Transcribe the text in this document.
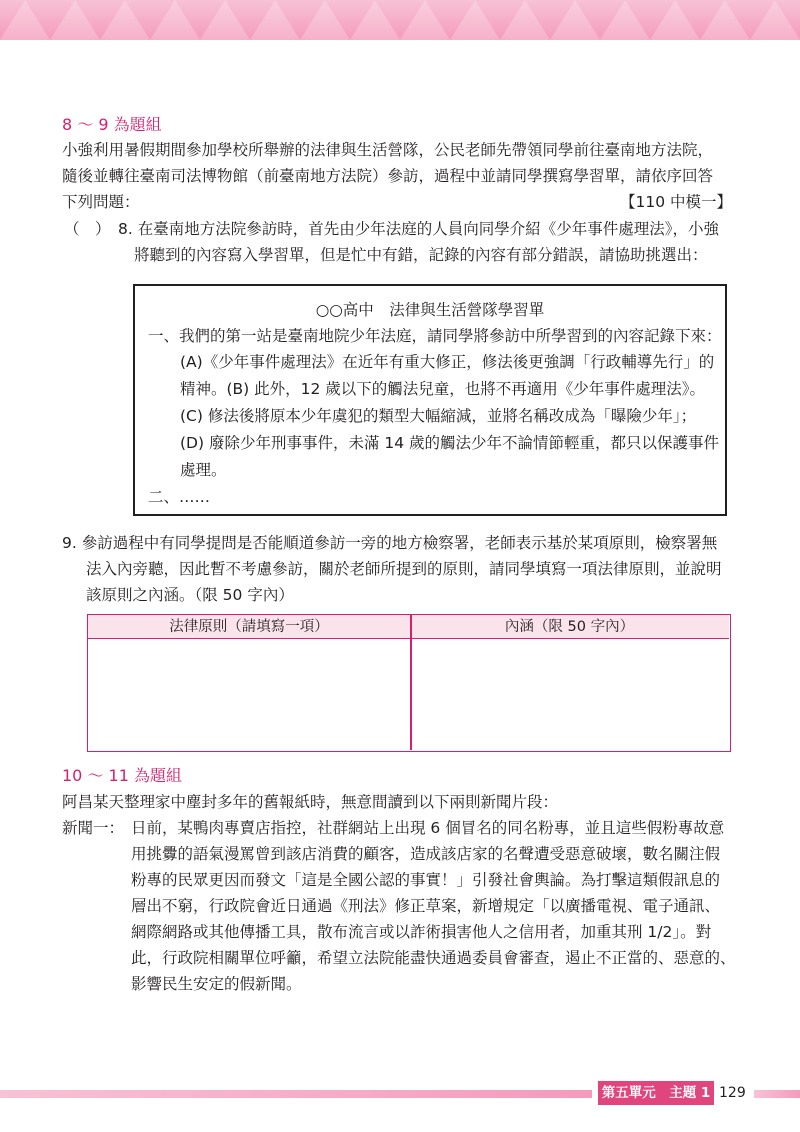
8 ～ 9 為題組
小強利用暑假期間參加學校所舉辦的法律與生活營隊，公民老師先帶領同學前往臺南地方法院，
隨後並轉往臺南司法博物館（前臺南地方法院）參訪，過程中並請同學撰寫學習單，請依序回答
下列問題：	【110 中模一】
（　） 8. 在臺南地方法院參訪時，首先由少年法庭的人員向同學介紹《少年事件處理法》，小強
將聽到的內容寫入學習單，但是忙中有錯，記錄的內容有部分錯誤，請協助挑選出：
○○高中　法律與生活營隊學習單
一、我們的第一站是臺南地院少年法庭，請同學將參訪中所學習到的內容記錄下來：
(A)《少年事件處理法》在近年有重大修正，修法後更強調「行政輔導先行」的
精神。(B) 此外，12 歲以下的觸法兒童，也將不再適用《少年事件處理法》。
(C) 修法後將原本少年虞犯的類型大幅縮減，並將名稱改成為「曝險少年」；
(D) 廢除少年刑事事件，未滿 14 歲的觸法少年不論情節輕重，都只以保護事件
處理。
二、……
9. 參訪過程中有同學提問是否能順道參訪一旁的地方檢察署，老師表示基於某項原則，檢察署無
法入內旁聽，因此暫不考慮參訪，關於老師所提到的原則，請同學填寫一項法律原則，並說明
該原則之內涵。（限 50 字內）
法律原則（請填寫一項）	內涵（限 50 字內）
10 ～ 11 為題組
阿昌某天整理家中塵封多年的舊報紙時，無意間讀到以下兩則新聞片段：
新聞一： 日前，某鴨肉專賣店指控，社群網站上出現 6 個冒名的同名粉專，並且這些假粉專故意
用挑釁的語氣漫罵曾到該店消費的顧客，造成該店家的名聲遭受惡意破壞，數名關注假
粉專的民眾更因而發文「這是全國公認的事實！」引發社會輿論。為打擊這類假訊息的
層出不窮，行政院會近日通過《刑法》修正草案，新增規定「以廣播電視、電子通訊、
網際網路或其他傳播工具，散布流言或以詐術損害他人之信用者，加重其刑 1/2」。對
此，行政院相關單位呼籲，希望立法院能盡快通過委員會審查，遏止不正當的、惡意的、
影響民生安定的假新聞。
第五單元　主題 1 129
